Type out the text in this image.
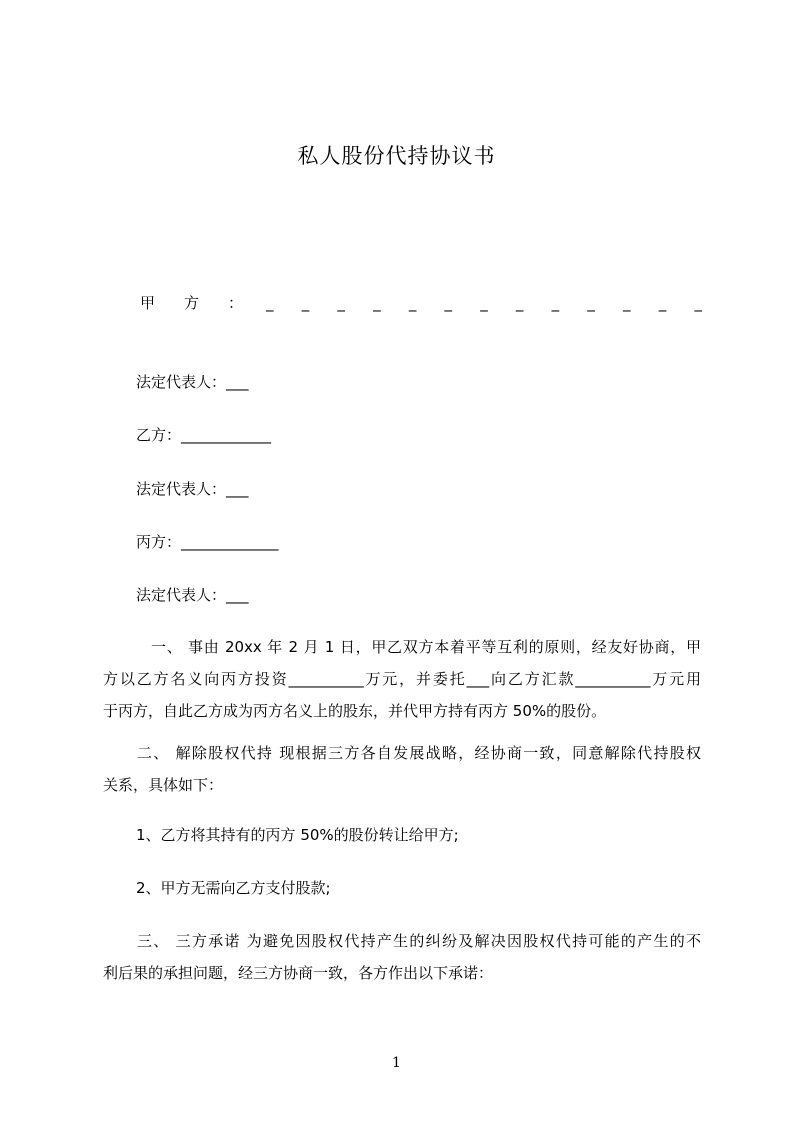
私人股份代持协议书
甲 方 ： _ _ _ _ _ _ _ _ _ _ _ _ _
法定代表人：___
乙方：____________
法定代表人：___
丙方：_____________
法定代表人：___
一、 事由 20xx 年 2 月 1 日，甲乙双方本着平等互利的原则，经友好协商，甲
方以乙方名义向丙方投资__________万元，并委托___向乙方汇款__________万元用
于丙方，自此乙方成为丙方名义上的股东，并代甲方持有丙方 50%的股份。
二、 解除股权代持 现根据三方各自发展战略，经协商一致，同意解除代持股权
关系，具体如下：
1、乙方将其持有的丙方 50%的股份转让给甲方;
2、甲方无需向乙方支付股款;
三、 三方承诺 为避免因股权代持产生的纠纷及解决因股权代持可能的产生的不
利后果的承担问题，经三方协商一致，各方作出以下承诺：
1
